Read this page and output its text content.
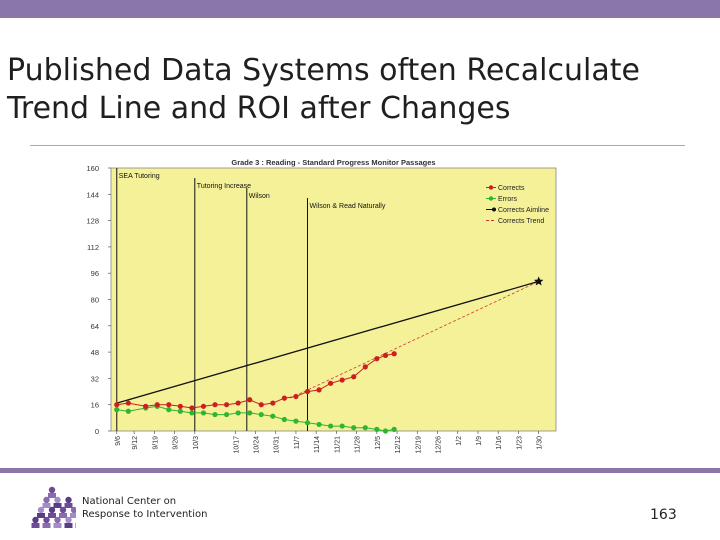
Published Data Systems often Recalculate
Trend Line and ROI after Changes
Grade 3 : Reading - Standard Progress Monitor Passages
0
16
32
48
64
80
96
112
128
144
160
9/6 9/12 9/19 9/26 10/3	10/17 10/24 10/31 11/7 11/14 11/21 11/28 12/5 12/12 12/19 12/26 1/2 1/9 1/16 1/23 1/30
SEA Tutoring
Tutoring Increase
Wilson
Wilson & Read Naturally
Corrects
Errors
Corrects Aimline
Corrects Trend
National Center on
Response to Intervention	163
